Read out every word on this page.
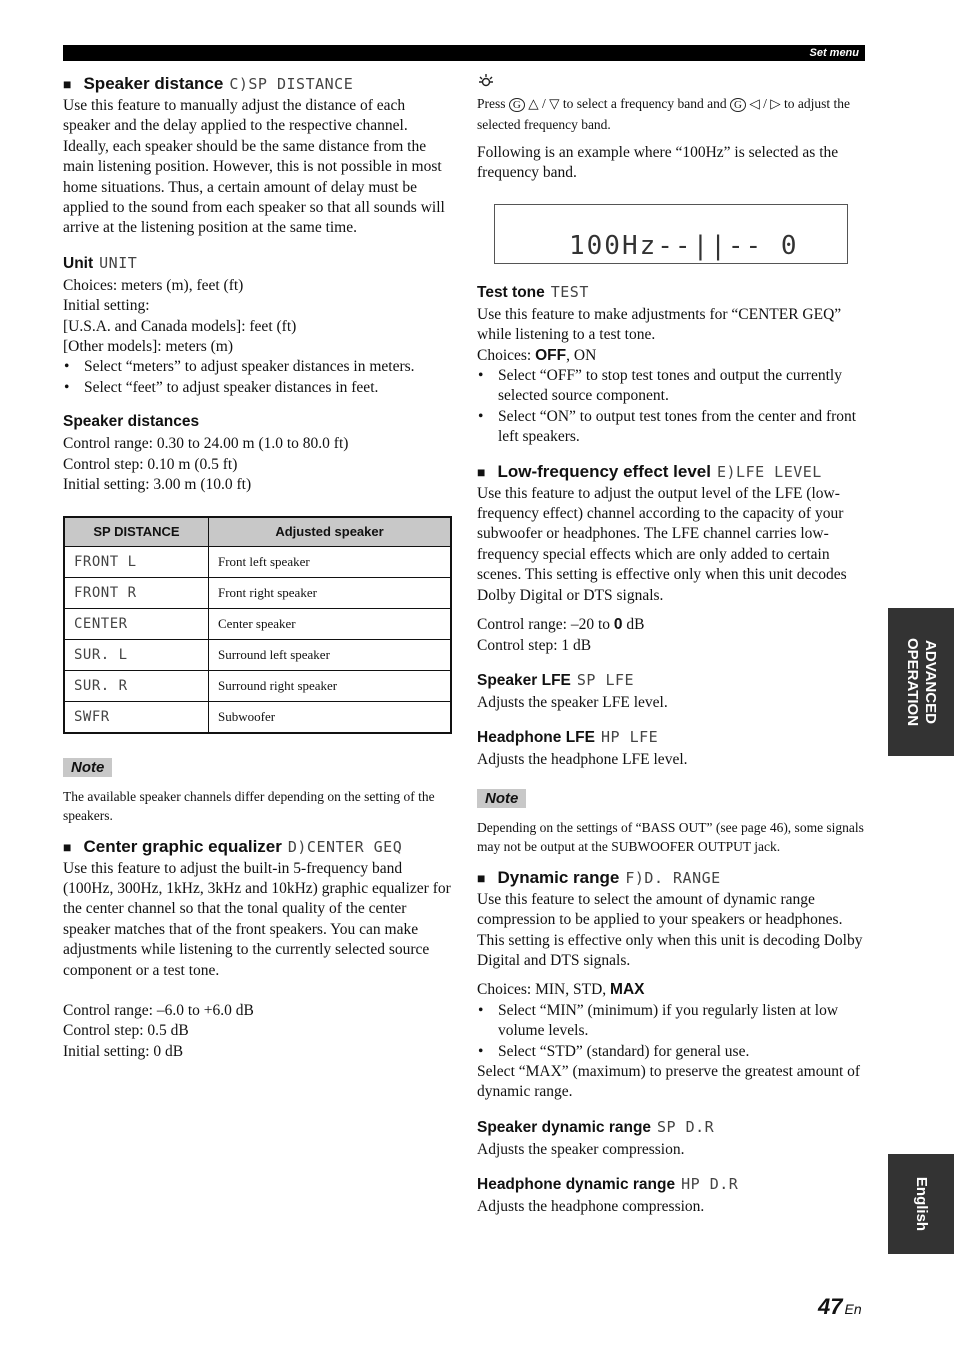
Set menu
■ Speaker distance C)SP DISTANCE

Use this feature to manually adjust the distance of each speaker and the delay applied to the respective channel. Ideally, each speaker should be the same distance from the main listening position. However, this is not possible in most home situations. Thus, a certain amount of delay must be applied to the sound from each speaker so that all sounds will arrive at the listening position at the same time.

Unit UNIT

Choices: meters (m), feet (ft)

Initial setting:

[U.S.A. and Canada models]: feet (ft)

[Other models]: meters (m)

• Select “meters” to adjust speaker distances in meters.
• Select “feet” to adjust speaker distances in feet.
Speaker distances

Control range: 0.30 to 24.00 m (1.0 to 80.0 ft)

Control step: 0.10 m (0.5 ft)

Initial setting: 3.00 m (10.0 ft)

SP DISTANCE	Adjusted speaker
FRONT L	Front left speaker
FRONT R	Front right speaker
CENTER	Center speaker
SUR. L	Surround left speaker
SUR. R	Surround right speaker
SWFR	Subwoofer
Note

The available speaker channels differ depending on the setting of the speakers.

■ Center graphic equalizer D)CENTER GEQ

Use this feature to adjust the built-in 5-frequency band (100Hz, 300Hz, 1kHz, 3kHz and 10kHz) graphic equalizer for the center channel so that the tonal quality of the center speaker matches that of the front speakers. You can make adjustments while listening to the currently selected source component or a test tone.

Control range: –6.0 to +6.0 dB

Control step: 0.5 dB

Initial setting: 0 dB

Press G △ / ▽ to select a frequency band and G ◁ / ▷ to adjust the selected frequency band.

Following is an example where “100Hz” is selected as the frequency band.

100Hz--||-- 0
Test tone TEST

Use this feature to make adjustments for “CENTER GEQ” while listening to a test tone.

Choices: OFF, ON

• Select “OFF” to stop test tones and output the currently selected source component.
• Select “ON” to output test tones from the center and front left speakers.
■ Low-frequency effect level E)LFE LEVEL

Use this feature to adjust the output level of the LFE (low-frequency effect) channel according to the capacity of your subwoofer or headphones. The LFE channel carries low-frequency special effects which are only added to certain scenes. This setting is effective only when this unit decodes Dolby Digital or DTS signals.

Control range: –20 to 0 dB

Control step: 1 dB

Speaker LFE SP LFE

Adjusts the speaker LFE level.

Headphone LFE HP LFE

Adjusts the headphone LFE level.

Note

Depending on the settings of “BASS OUT” (see page 46), some signals may not be output at the SUBWOOFER OUTPUT jack.

■ Dynamic range F)D. RANGE

Use this feature to select the amount of dynamic range compression to be applied to your speakers or headphones. This setting is effective only when this unit is decoding Dolby Digital and DTS signals.

Choices: MIN, STD, MAX

• Select “MIN” (minimum) if you regularly listen at low volume levels.
• Select “STD” (standard) for general use.

Select “MAX” (maximum) to preserve the greatest amount of dynamic range.

Speaker dynamic range SP D.R

Adjusts the speaker compression.

Headphone dynamic range HP D.R

Adjusts the headphone compression.

ADVANCED
OPERATION
English
47 En
